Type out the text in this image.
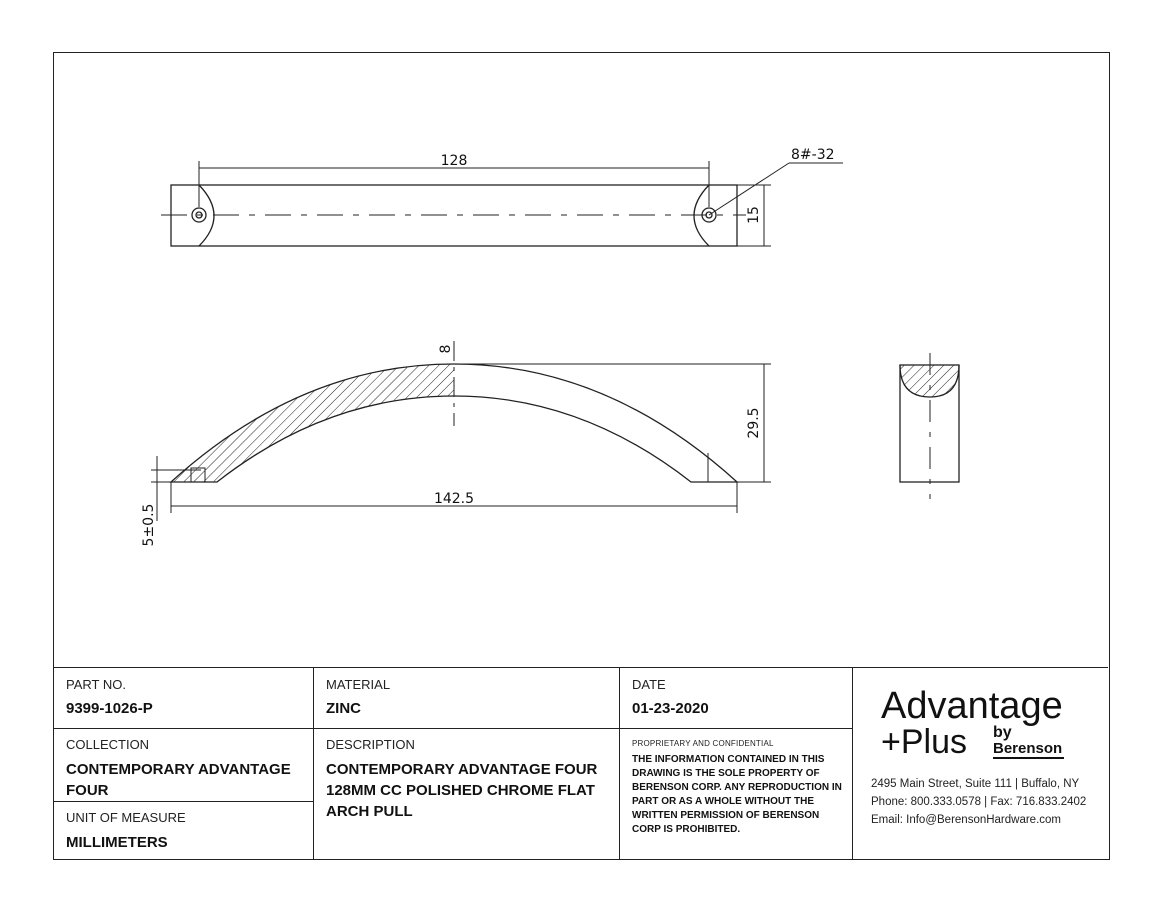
128	8#-32
15
8
29.5
142.5
5±0.5
PART NO.
9399-1026-P
MATERIAL
ZINC
DATE
01-23-2020
COLLECTION
CONTEMPORARY ADVANTAGE FOUR
UNIT OF MEASURE
MILLIMETERS
DESCRIPTION
CONTEMPORARY ADVANTAGE FOUR 128MM CC POLISHED CHROME FLAT ARCH PULL
PROPRIETARY AND CONFIDENTIAL
THE INFORMATION CONTAINED IN THIS DRAWING IS THE SOLE PROPERTY OF BERENSON CORP. ANY REPRODUCTION IN PART OR AS A WHOLE WITHOUT THE WRITTEN PERMISSION OF BERENSON CORP IS PROHIBITED.
Advantage
+Plus by
Berenson
2495 Main Street, Suite 111 | Buffalo, NY
Phone: 800.333.0578 | Fax: 716.833.2402
Email: Info@BerensonHardware.com
